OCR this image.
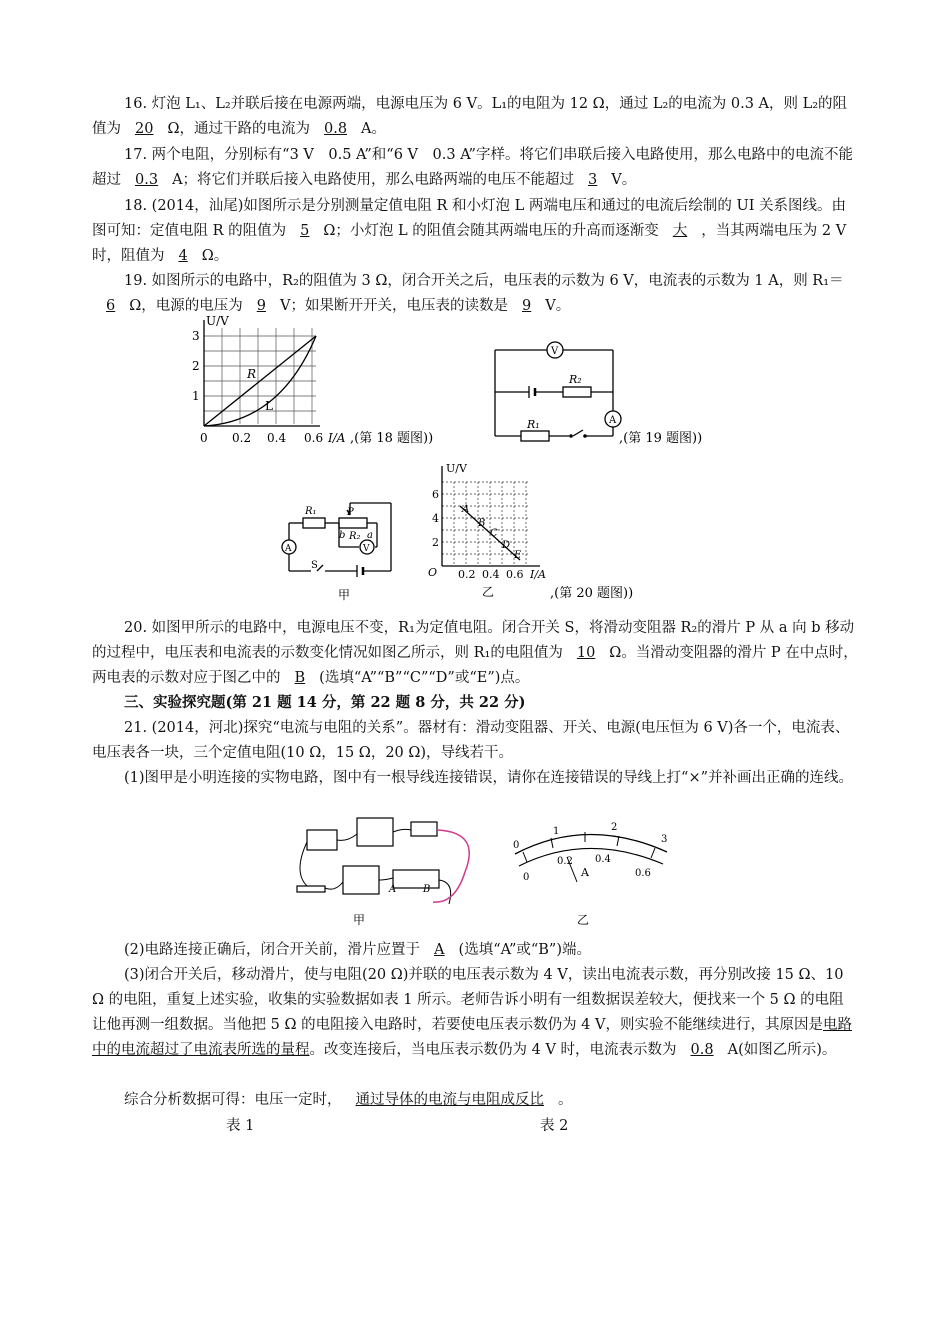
16. 灯泡 L₁、L₂并联后接在电源两端，电源电压为 6 V。L₁的电阻为 12 Ω，通过 L₂的电流为 0.3 A，则 L₂的阻值为 20 Ω，通过干路的电流为 0.8 A。
17. 两个电阻，分别标有“3 V　0.5 A”和“6 V　0.3 A”字样。将它们串联后接入电路使用，那么电路中的电流不能超过 0.3 A；将它们并联后接入电路使用，那么电路两端的电压不能超过 3 V。
18. (2014，汕尾)如图所示是分别测量定值电阻 R 和小灯泡 L 两端电压和通过的电流后绘制的 UI 关系图线。由图可知：定值电阻 R 的阻值为 5 Ω；小灯泡 L 的阻值会随其两端电压的升高而逐渐变 大 ，当其两端电压为 2 V 时，阻值为 4 Ω。
19. 如图所示的电路中，R₂的阻值为 3 Ω，闭合开关之后，电压表的示数为 6 V，电流表的示数为 1 A，则 R₁＝6 Ω，电源的电压为 9 V；如果断开开关，电压表的读数是 9 V。
U/V
1
2
3
0 0.2 0.4 0.6
R
L
I/A ,(第 18 题图))
V
A
R₂
R₁
,(第 19 题图))
R₁	P
b a
R₂
A	V
S
甲
U/V
6
4
2
O 0.2 0.4 0.6 I/A
A
B
C
D
E
乙	,(第 20 题图))
20. 如图甲所示的电路中，电源电压不变，R₁为定值电阻。闭合开关 S，将滑动变阻器 R₂的滑片 P 从 a 向 b 移动的过程中，电压表和电流表的示数变化情况如图乙所示，则 R₁的电阻值为 10 Ω。当滑动变阻器的滑片 P 在中点时，两电表的示数对应于图乙中的 B (选填“A”“B”“C”“D”或“E”)点。
三、实验探究题(第 21 题 14 分，第 22 题 8 分，共 22 分)
21. (2014，河北)探究“电流与电阻的关系”。器材有：滑动变阻器、开关、电源(电压恒为 6 V)各一个，电流表、电压表各一块，三个定值电阻(10 Ω，15 Ω，20 Ω)，导线若干。
(1)图甲是小明连接的实物电路，图中有一根导线连接错误，请你在连接错误的导线上打“×”并补画出正确的连线。
A	B
甲
0
1	2
3
0
0.2 0.4
0.6
A
乙
(2)电路连接正确后，闭合开关前，滑片应置于 A (选填“A”或“B”)端。
(3)闭合开关后，移动滑片，使与电阻(20 Ω)并联的电压表示数为 4 V，读出电流表示数，再分别改接 15 Ω、10 Ω 的电阻，重复上述实验，收集的实验数据如表 1 所示。老师告诉小明有一组数据误差较大，便找来一个 5 Ω 的电阻让他再测一组数据。当他把 5 Ω 的电阻接入电路时，若要使电压表示数仍为 4 V，则实验不能继续进行，其原因是电路中的电流超过了电流表所选的量程。改变连接后，当电压表示数仍为 4 V 时，电流表示数为 0.8 A(如图乙所示)。
综合分析数据可得：电压一定时， 通过导体的电流与电阻成反比 。
表 1	表 2
